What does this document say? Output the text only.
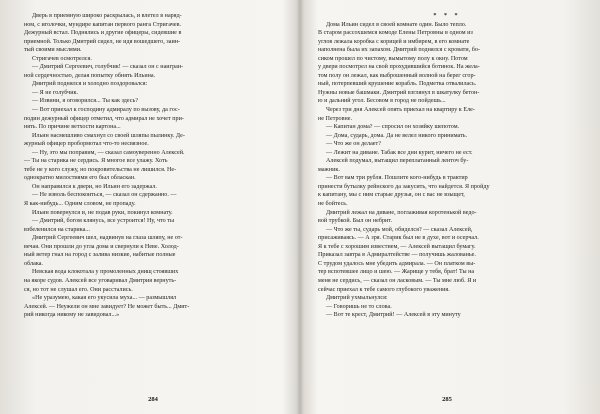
Дверь в приемную широко раскрылась, и влетел в наряд-
ном, с иголочки, мундире капитан первого ранга Стригачев.
Дежурный встал. Поднялись и другие офицеры, сидевшие в
приемной. Только Дмитрий сидел, не идя вошедшего, заин-
тый своими мыслями.
Стригачев осмотрелся.
— Дмитрий Сергеевич, голубчик! — сказал он с наигран-
ной сердечностью, делая попытку обнять Ильина.
Дмитрий поднялся и холодно поздоровался:
— Я не голубчик.
— Извини, я оговорился... Ты как здесь?
— Вот приехал к господину адмиралу по вызову, да гос-
подин дежурный офицер отметил, что адмирал не хочет при-
нять. По причине ветхости картона...
Ильин насмешливо смахнул со своей шляпы пылинку. Де-
журный офицер пробормотал что-то несвязное.
— Ну, это мы поправим, — сказал самоуверенно Алексей.
— Ты на старика не сердись. Я многое все улажу. Хоть
тебе не у кого служу, но покровительства не лишился. Не-
однократно милостиями его был обласкан.
Он направился к двери, но Ильин его задержал.
— Не изволь беспокоиться, — сказал он сдержанно. —
Я как-нибудь... Одним словом, не пропаду.
Ильин повернулся и, не подав руки, покинул комнату.
— Дмитрий, богом клянусь, все устроится! Ну, что ты
взбеленился на старика...
Дмитрий Сергеевич шел, надвинув на глаза шляпу, не от-
вечая. Они прошли до угла дома и свернули к Неве. Холод-
ный ветер гнал на город с залива низкие, набитые полные
облака.
Невская вода клокотала у промоленных днищ стоявших
на якоре судов. Алексей все уговаривал Дмитрия вернуть-
ся, но тот не слушал его. Они расстались.
«Не уразумею, какая его укусила муха... — размышлял
Алексей. — Неужели он мне завидует? Не может быть... Дмит-
рий никогда никому не завидовал...»
284
* * *
Дома Ильин сидел в своей комнате один. Было тепло.
В старом рассохшемся комоде Елены Петровны в одном из
углов лежала коробка с корицей и имбирем, в его комнате
наполнена была их запахом. Дмитрий поднялся с кровати, бо-
сиком прошел по чистому, вымытому полу к окну. Потом
у двери посмотрел на свой прохудившийся ботинок. На жела-
том полу он лежал, как выброшенный волной на берег сгор-
ный, потерпевший крушение корабль. Подметка отвалилась.
Нужны новые башмаки. Дмитрий взглянул в шкатулку бетон-
ю и дальний угол. Бесовом в город не пойдешь...
Через три дня Алексей опять приехал на квартиру к Еле-
не Петровне.
— Капитан дома? — спросил он хозяйку шепотом.
— Дома, сударь, дома. Да не велел никого принимать.
— Что же он делает?
— Лежит на диване. Табак все дни курит, ничего не ест.
Алексей подумал, вытащил переплатанный ленточ бу-
мажник.
— Вот вам три рубля. Пошлите кого-нибудь в трактир
принести бутылку рейнского да закусить, что найдется. Я пройду
к капитану, мы с ним старые друзья, он с вас не взыщет,
не бойтесь.
Дмитрий лежал на диване, поглаживая коротенькой ведо-
вой трубкой. Был он небрит.
— Что же ты, сударь мой, обиделся? — сказал Алексей,
присаживаясь. — А зря. Старик был не в духе, вот и осерчал.
Я к тебе с хорошим известием, — Алексей вытащил бумагу.
Приказал завтра в Адмиралтействе — получишь жалованье.
С трудом удалось мне убедить адмирала. — Он платком вы-
тер вспотевшее лицо и шею. — Жарище у тебя, брат! Ты на
меня не сердись, — сказал он ласковым. — Ты мне люб. Я и
сейчас приехал к тебе самого глубокого уважения.
Дмитрий ухмыльнулся:
— Говоришь не то слова.
— Вот те крест, Дмитрий! — Алексей в эту минуту
285
